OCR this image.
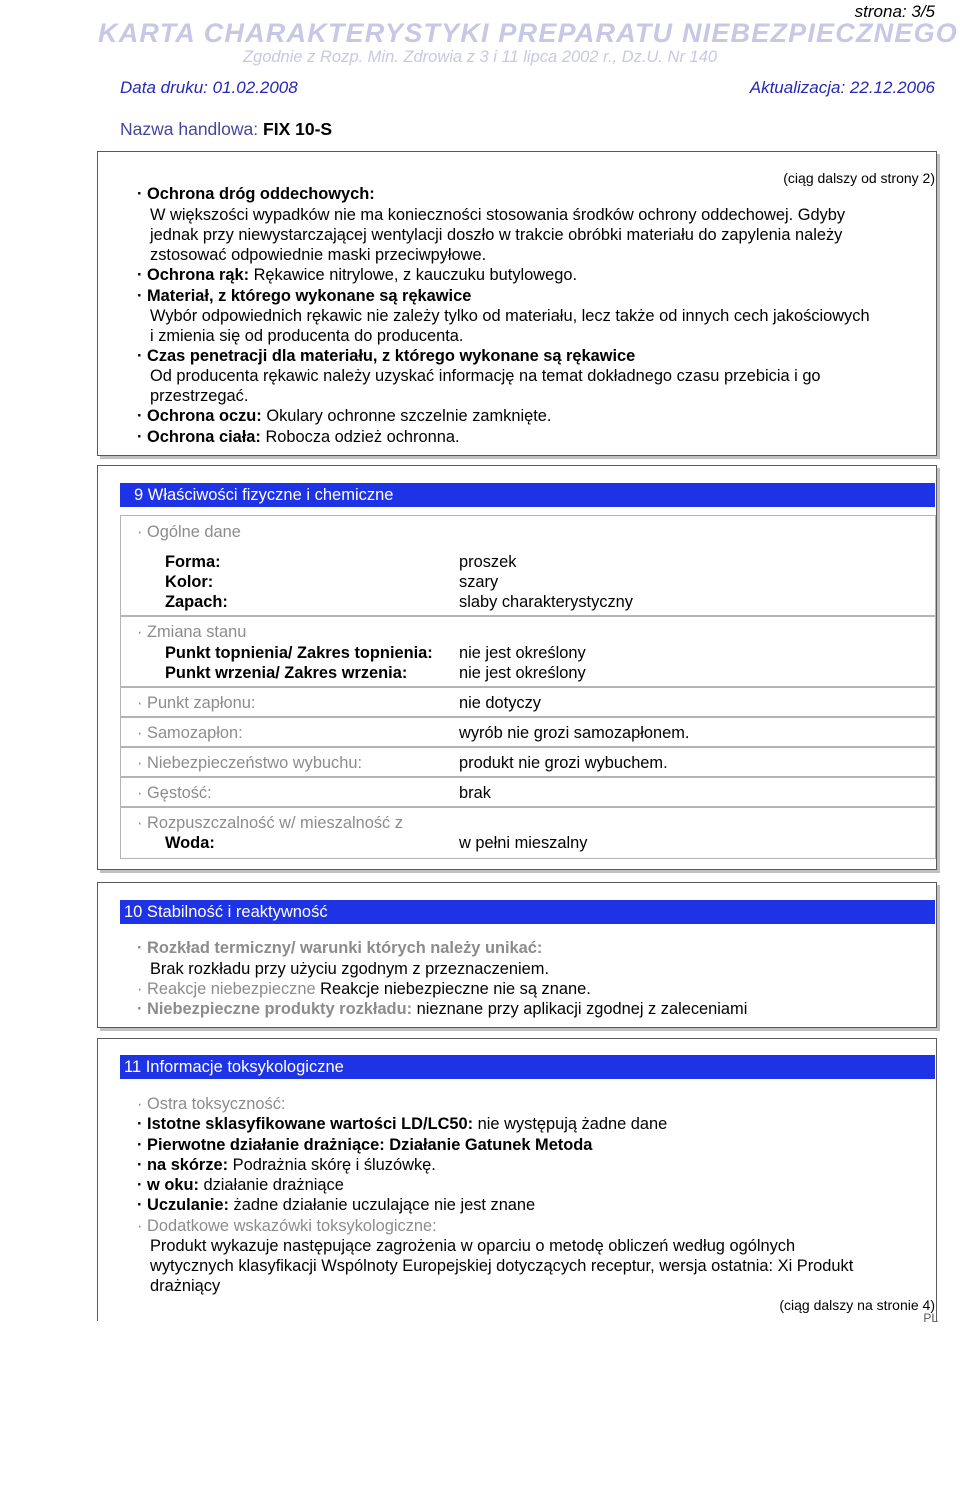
strona: 3/5
KARTA CHARAKTERYSTYKI PREPARATU NIEBEZPIECZNEGO
Zgodnie z Rozp. Min. Zdrowia z 3 i 11 lipca 2002 r., Dz.U. Nr 140
Data druku: 01.02.2008	Aktualizacja: 22.12.2006
Nazwa handlowa: FIX 10-S
(ciąg dalszy od strony 2)
· Ochrona dróg oddechowych:
W większości wypadków nie ma konieczności stosowania środków ochrony oddechowej. Gdyby
jednak przy niewystarczającej wentylacji doszło w trakcie obróbki materiału do zapylenia należy
zstosować odpowiednie maski przeciwpyłowe.
· Ochrona rąk: Rękawice nitrylowe, z kauczuku butylowego.
· Materiał, z którego wykonane są rękawice
Wybór odpowiednich rękawic nie zależy tylko od materiału, lecz także od innych cech jakościowych
i zmienia się od producenta do producenta.
· Czas penetracji dla materiału, z którego wykonane są rękawice
Od producenta rękawic należy uzyskać informację na temat dokładnego czasu przebicia i go
przestrzegać.
· Ochrona oczu: Okulary ochronne szczelnie zamknięte.
· Ochrona ciała: Robocza odzież ochronna.
9 Właściwości fizyczne i chemiczne
· Ogólne dane
Forma:	proszek
Kolor:	szary
Zapach:	slaby charakterystyczny
· Zmiana stanu
Punkt topnienia/ Zakres topnienia: nie jest określony
Punkt wrzenia/ Zakres wrzenia:	nie jest określony
· Punkt zapłonu:	nie dotyczy
· Samozapłon:	wyrób nie grozi samozapłonem.
· Niebezpieczeństwo wybuchu:	produkt nie grozi wybuchem.
· Gęstość:	brak
· Rozpuszczalność w/ mieszalność z
Woda:	w pełni mieszalny
10 Stabilność i reaktywność
· Rozkład termiczny/ warunki których należy unikać:
Brak rozkładu przy użyciu zgodnym z przeznaczeniem.
· Reakcje niebezpieczne Reakcje niebezpieczne nie są znane.
· Niebezpieczne produkty rozkładu: nieznane przy aplikacji zgodnej z zaleceniami
11 Informacje toksykologiczne
· Ostra toksyczność:
· Istotne sklasyfikowane wartości LD/LC50: nie występują żadne dane
· Pierwotne działanie drażniące: Działanie Gatunek Metoda
· na skórze: Podrażnia skórę i śluzówkę.
· w oku: działanie drażniące
· Uczulanie: żadne działanie uczulające nie jest znane
· Dodatkowe wskazówki toksykologiczne:
Produkt wykazuje następujące zagrożenia w oparciu o metodę obliczeń według ogólnych
wytycznych klasyfikacji Wspólnoty Europejskiej dotyczących receptur, wersja ostatnia: Xi Produkt
drażniący
(ciąg dalszy na stronie 4)
PL
